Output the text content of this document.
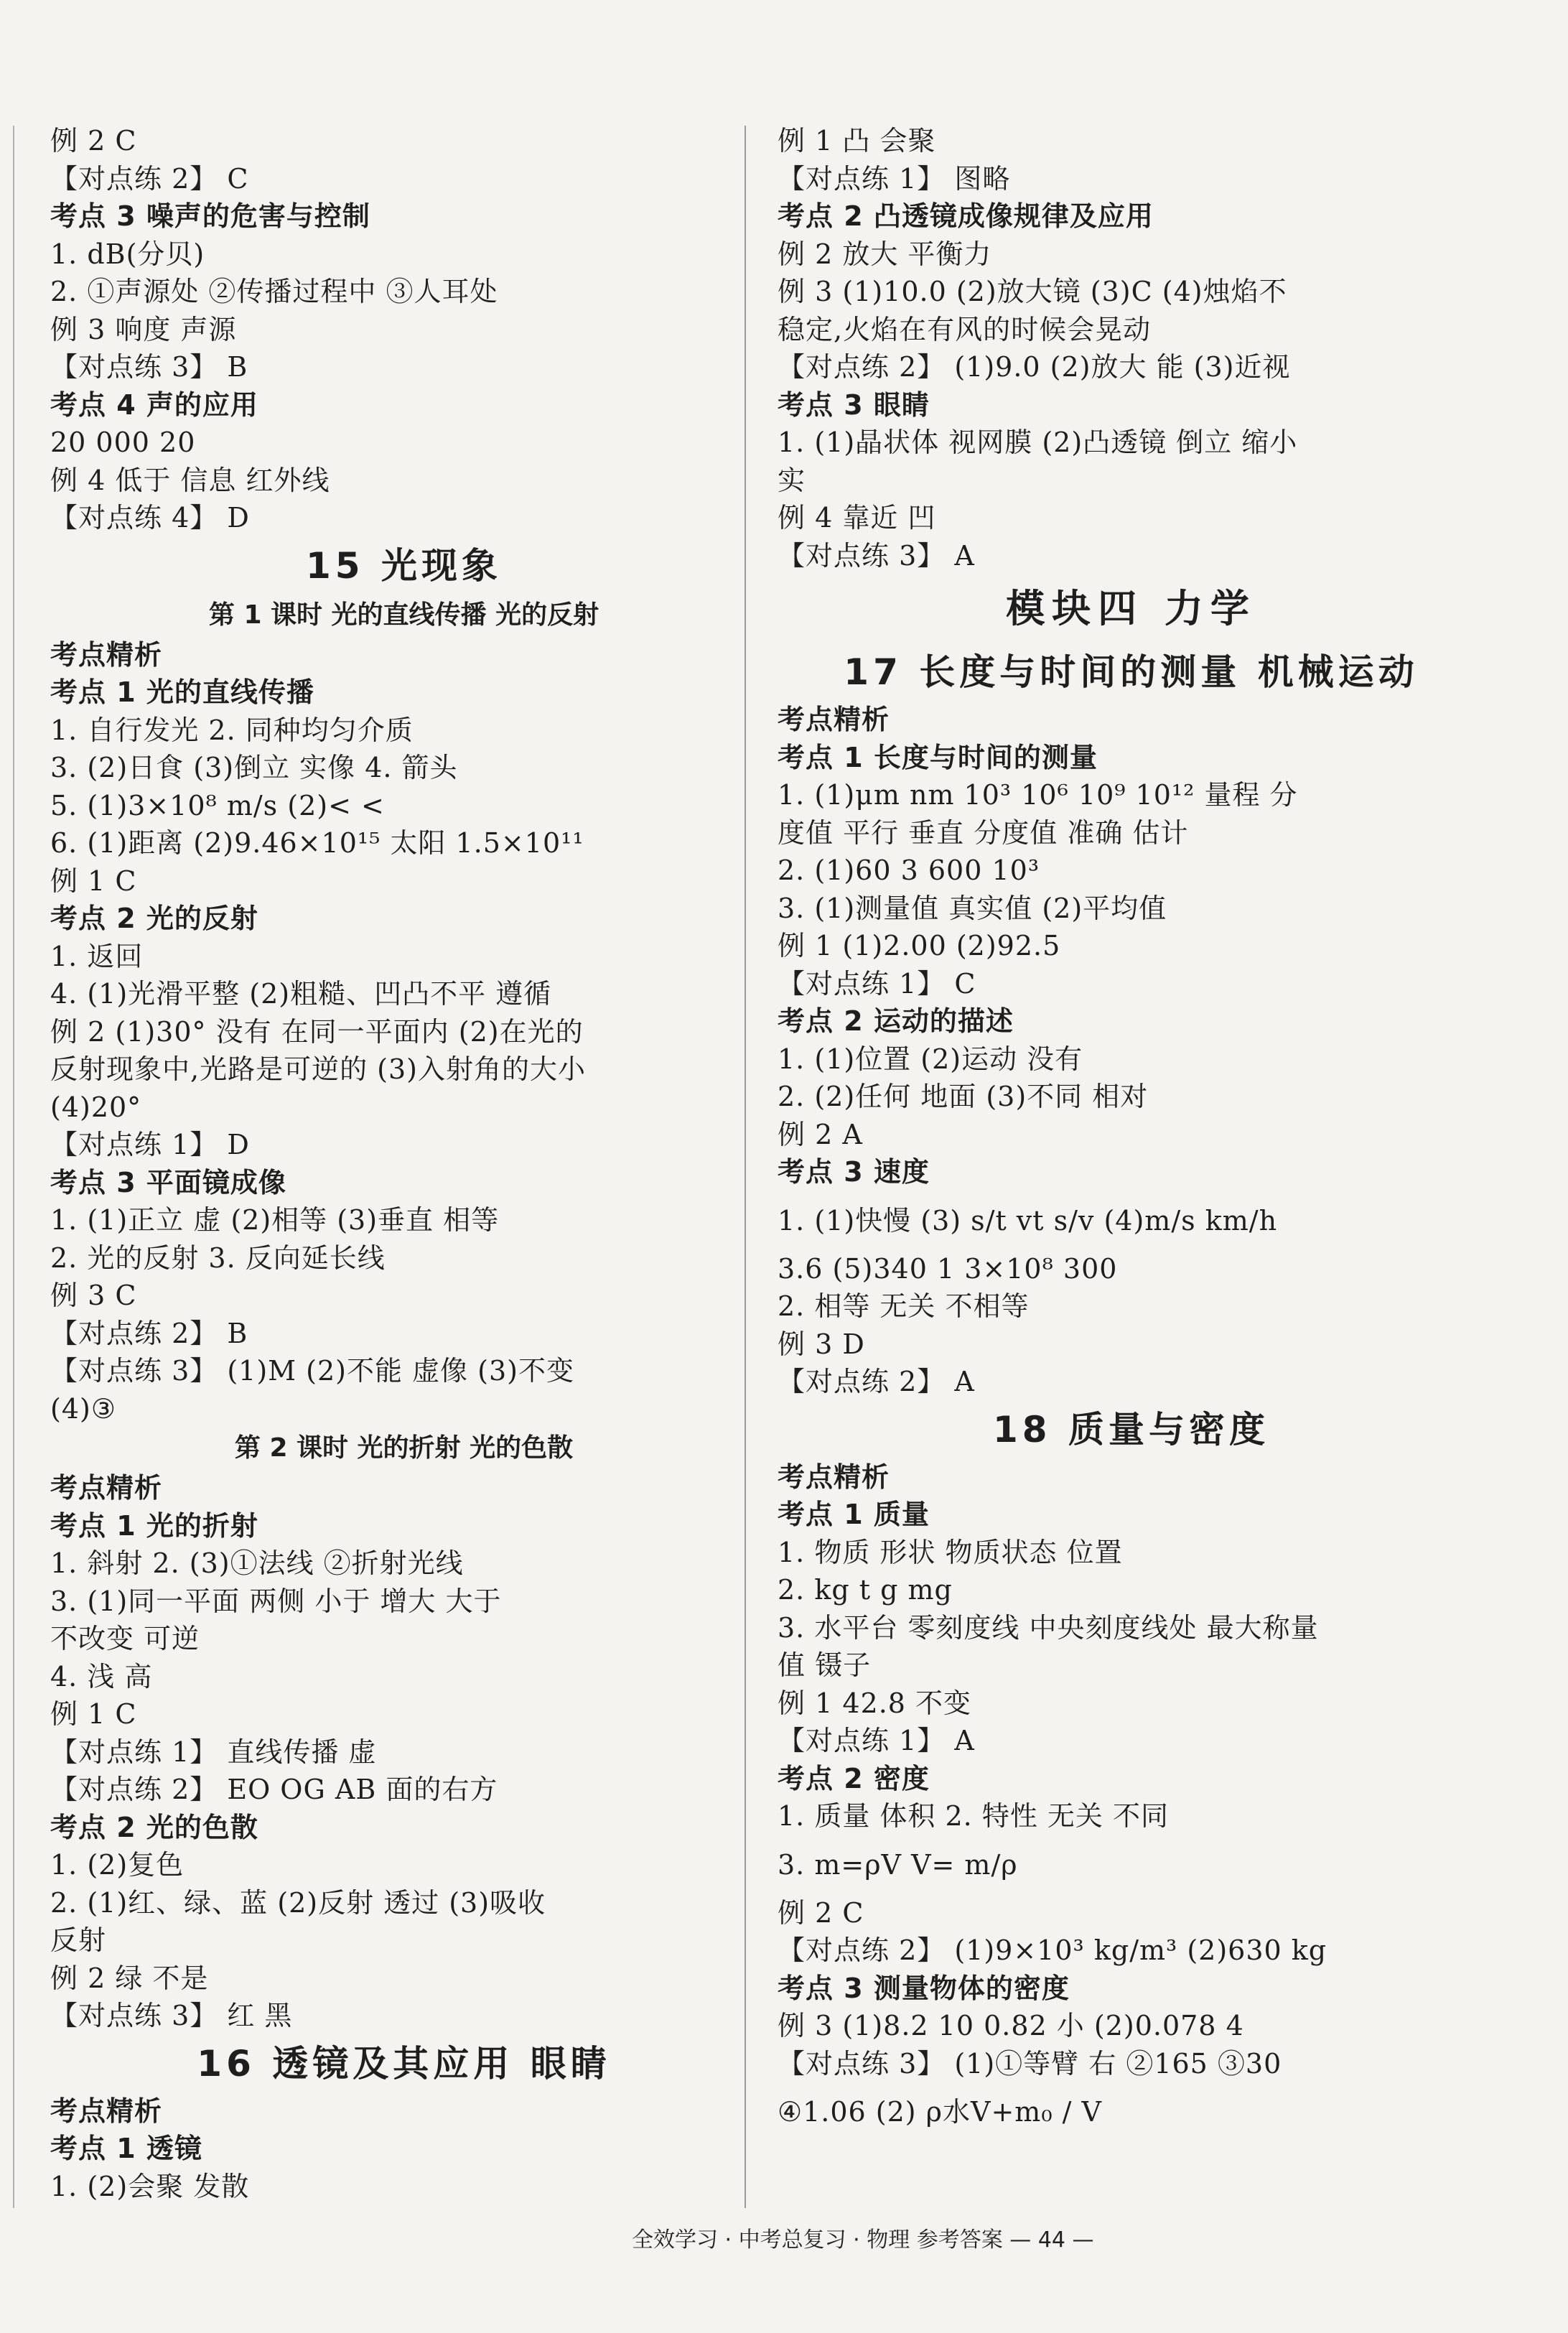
例 2 C
【对点练 2】 C
考点 3 噪声的危害与控制
1. dB(分贝)
2. ①声源处 ②传播过程中 ③人耳处
例 3 响度 声源
【对点练 3】 B
考点 4 声的应用
20 000 20
例 4 低于 信息 红外线
【对点练 4】 D
15 光现象
第 1 课时 光的直线传播 光的反射
考点精析
考点 1 光的直线传播
1. 自行发光 2. 同种均匀介质
3. (2)日食 (3)倒立 实像 4. 箭头
5. (1)3×10⁸ m/s (2)< <
6. (1)距离 (2)9.46×10¹⁵ 太阳 1.5×10¹¹
例 1 C
考点 2 光的反射
1. 返回
4. (1)光滑平整 (2)粗糙、凹凸不平 遵循
例 2 (1)30° 没有 在同一平面内 (2)在光的
反射现象中,光路是可逆的 (3)入射角的大小
(4)20°
【对点练 1】 D
考点 3 平面镜成像
1. (1)正立 虚 (2)相等 (3)垂直 相等
2. 光的反射 3. 反向延长线
例 3 C
【对点练 2】 B
【对点练 3】 (1)M (2)不能 虚像 (3)不变
(4)③
第 2 课时 光的折射 光的色散
考点精析
考点 1 光的折射
1. 斜射 2. (3)①法线 ②折射光线
3. (1)同一平面 两侧 小于 增大 大于
不改变 可逆
4. 浅 高
例 1 C
【对点练 1】 直线传播 虚
【对点练 2】 EO OG AB 面的右方
考点 2 光的色散
1. (2)复色
2. (1)红、绿、蓝 (2)反射 透过 (3)吸收
反射
例 2 绿 不是
【对点练 3】 红 黑
16 透镜及其应用 眼睛
考点精析
考点 1 透镜
1. (2)会聚 发散
例 1 凸 会聚
【对点练 1】 图略
考点 2 凸透镜成像规律及应用
例 2 放大 平衡力
例 3 (1)10.0 (2)放大镜 (3)C (4)烛焰不
稳定,火焰在有风的时候会晃动
【对点练 2】 (1)9.0 (2)放大 能 (3)近视
考点 3 眼睛
1. (1)晶状体 视网膜 (2)凸透镜 倒立 缩小
实
例 4 靠近 凹
【对点练 3】 A
模块四 力学
17 长度与时间的测量 机械运动
考点精析
考点 1 长度与时间的测量
1. (1)μm nm 10³ 10⁶ 10⁹ 10¹² 量程 分
度值 平行 垂直 分度值 准确 估计
2. (1)60 3 600 10³
3. (1)测量值 真实值 (2)平均值
例 1 (1)2.00 (2)92.5
【对点练 1】 C
考点 2 运动的描述
1. (1)位置 (2)运动 没有
2. (2)任何 地面 (3)不同 相对
例 2 A
考点 3 速度
1. (1)快慢 (3) s/t vt s/v (4)m/s km/h
3.6 (5)340 1 3×10⁸ 300
2. 相等 无关 不相等
例 3 D
【对点练 2】 A
18 质量与密度
考点精析
考点 1 质量
1. 物质 形状 物质状态 位置
2. kg t g mg
3. 水平台 零刻度线 中央刻度线处 最大称量
值 镊子
例 1 42.8 不变
【对点练 1】 A
考点 2 密度
1. 质量 体积 2. 特性 无关 不同
3. m=ρV V= m/ρ
例 2 C
【对点练 2】 (1)9×10³ kg/m³ (2)630 kg
考点 3 测量物体的密度
例 3 (1)8.2 10 0.82 小 (2)0.078 4
【对点练 3】 (1)①等臂 右 ②165 ③30
④1.06 (2) ρ水V+m₀ / V
全效学习 · 中考总复习 · 物理 参考答案 — 44 —
